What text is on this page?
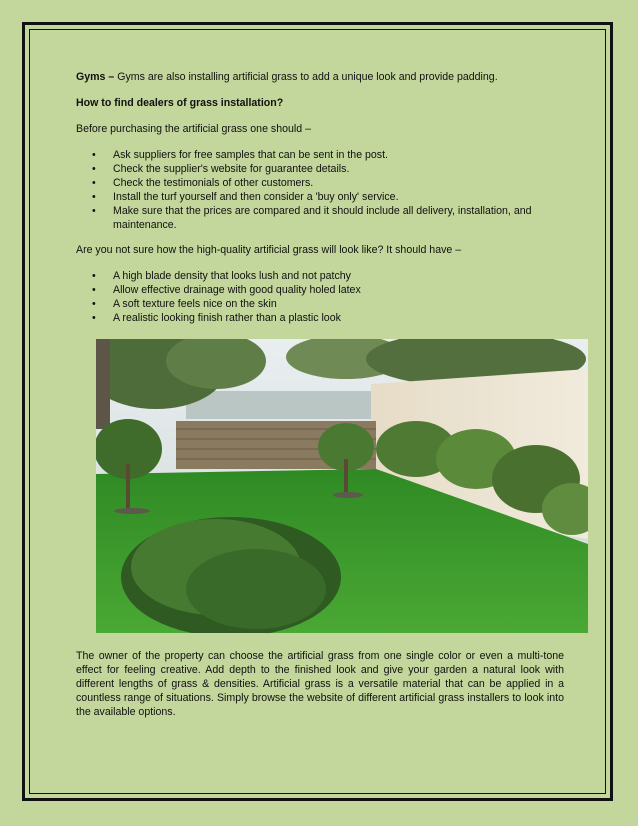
Gyms – Gyms are also installing artificial grass to add a unique look and provide padding.

How to find dealers of grass installation?

Before purchasing the artificial grass one should –

• Ask suppliers for free samples that can be sent in the post.
• Check the supplier's website for guarantee details.
• Check the testimonials of other customers.
• Install the turf yourself and then consider a 'buy only' service.
• Make sure that the prices are compared and it should include all delivery, installation, and maintenance.

Are you not sure how the high-quality artificial grass will look like? It should have –

• A high blade density that looks lush and not patchy
• Allow effective drainage with good quality holed latex
• A soft texture feels nice on the skin
• A realistic looking finish rather than a plastic look

The owner of the property can choose the artificial grass from one single color or even a multi-tone effect for feeling creative. Add depth to the finished look and give your garden a natural look with different lengths of grass & densities. Artificial grass is a versatile material that can be applied in a countless range of situations. Simply browse the website of different artificial grass installers to look into the available options.
